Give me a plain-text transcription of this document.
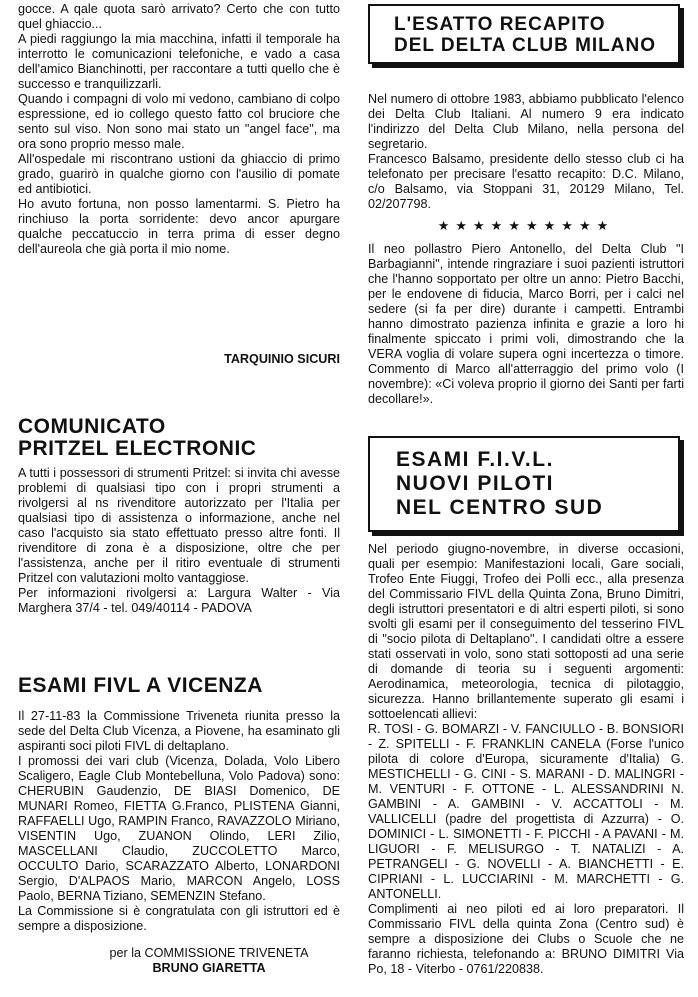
gocce. A qale quota sarò arrivato? Certo che con tutto quel ghiaccio...

A piedi raggiungo la mia macchina, infatti il temporale ha interrotto le comunicazioni telefoniche, e vado a casa dell'amico Bianchinotti, per raccontare a tutti quello che è successo e tranquilizzarli.

Quando i compagni di volo mi vedono, cambiano di colpo espressione, ed io collego questo fatto col bruciore che sento sul viso. Non sono mai stato un "angel face", ma ora sono proprio messo male.

All'ospedale mi riscontrano ustioni da ghiaccio di primo grado, guarirò in qualche giorno con l'ausilio di pomate ed antibiotici.

Ho avuto fortuna, non posso lamentarmi. S. Pietro ha rinchiuso la porta sorridente: devo ancor apurgare qualche peccatuccio in terra prima di esser degno dell'aureola che già porta il mio nome.

TARQUINIO SICURI
COMUNICATO
PRITZEL ELECTRONIC

A tutti i possessori di strumenti Pritzel: si invita chi avesse problemi di qualsiasi tipo con i propri strumenti a rivolgersi al ns rivenditore autorizzato per l'Italia per qualsiasi tipo di assistenza o informazione, anche nel caso l'acquisto sia stato effettuato presso altre fonti. Il rivenditore di zona è a disposizione, oltre che per l'assistenza, anche per il ritiro eventuale di strumenti Pritzel con valutazioni molto vantaggiose.

Per informazioni rivolgersi a: Largura Walter - Via Marghera 37/4 - tel. 049/40114 - PADOVA

ESAMI FIVL A VICENZA

Il 27-11-83 la Commissione Triveneta riunita presso la sede del Delta Club Vicenza, a Piovene, ha esaminato gli aspiranti soci piloti FIVL di deltaplano.

I promossi dei vari club (Vicenza, Dolada, Volo Libero Scaligero, Eagle Club Montebelluna, Volo Padova) sono: CHERUBIN Gaudenzio, DE BIASI Domenico, DE MUNARI Romeo, FIETTA G.Franco, PLISTENA Gianni, RAFFAELLI Ugo, RAMPIN Franco, RAVAZZOLO Miriano, VISENTIN Ugo, ZUANON Olindo, LERI Zilio, MASCELLANI Claudio, ZUCCOLETTO Marco, OCCULTO Dario, SCARAZZATO Alberto, LONARDONI Sergio, D'ALPAOS Mario, MARCON Angelo, LOSS Paolo, BERNA Tiziano, SEMENZIN Stefano.

La Commissione si è congratulata con gli istruttori ed è sempre a disposizione.

per la COMMISSIONE TRIVENETA
BRUNO GIARETTA
L'ESATTO RECAPITO
DEL DELTA CLUB MILANO

Nel numero di ottobre 1983, abbiamo pubblicato l'elenco dei Delta Club Italiani. Al numero 9 era indicato l'indirizzo del Delta Club Milano, nella persona del segretario.

Francesco Balsamo, presidente dello stesso club ci ha telefonato per precisare l'esatto recapito: D.C. Milano, c/o Balsamo, via Stoppani 31, 20129 Milano, Tel. 02/207798.

★★★★★★★★★★

Il neo pollastro Piero Antonello, del Delta Club "I Barbagianni", intende ringraziare i suoi pazienti istruttori che l'hanno sopportato per oltre un anno: Pietro Bacchi, per le endovene di fiducia, Marco Borri, per i calci nel sedere (si fa per dire) durante i campetti. Entrambi hanno dimostrato pazienza infinita e grazie a loro hi finalmente spiccato i primi voli, dimostrando che la VERA voglia di volare supera ogni incertezza o timore. Commento di Marco all'atterraggio del primo volo (I novembre): «Ci voleva proprio il giorno dei Santi per farti decollare!».

ESAMI F.I.V.L.
NUOVI PILOTI
NEL CENTRO SUD

Nel periodo giugno-novembre, in diverse occasioni, quali per esempio: Manifestazioni locali, Gare sociali, Trofeo Ente Fiuggi, Trofeo dei Polli ecc., alla presenza del Commissario FIVL della Quinta Zona, Bruno Dimitri, degli istruttori presentatori e di altri esperti piloti, si sono svolti gli esami per il conseguimento del tesserino FIVL di "socio pilota di Deltaplano". I candidati oltre a essere stati osservati in volo, sono stati sottoposti ad una serie di domande di teoria su i seguenti argomenti: Aerodinamica, meteorologia, tecnica di pilotaggio, sicurezza. Hanno brillantemente superato gli esami i sottoelencati allievi:

R. TOSI - G. BOMARZI - V. FANCIULLO - B. BONSIORI - Z. SPITELLI - F. FRANKLIN CANELA (Forse l'unico pilota di colore d'Europa, sicuramente d'Italia) G. MESTICHELLI - G. CINI - S. MARANI - D. MALINGRI - M. VENTURI - F. OTTONE - L. ALESSANDRINI N. GAMBINI - A. GAMBINI - V. ACCATTOLI - M. VALLICELLI (padre del progettista di Azzurra) - O. DOMINICI - L. SIMONETTI - F. PICCHI - A PAVANI - M. LIGUORI - F. MELISURGO - T. NATALIZI - A. PETRANGELI - G. NOVELLI - A. BIANCHETTI - E. CIPRIANI - L. LUCCIARINI - M. MARCHETTI - G. ANTONELLI.

Complimenti ai neo piloti ed ai loro preparatori. Il Commissario FIVL della quinta Zona (Centro sud) è sempre a disposizione dei Clubs o Scuole che ne faranno richiesta, telefonando a: BRUNO DIMITRI Via Po, 18 - Viterbo - 0761/220838.
